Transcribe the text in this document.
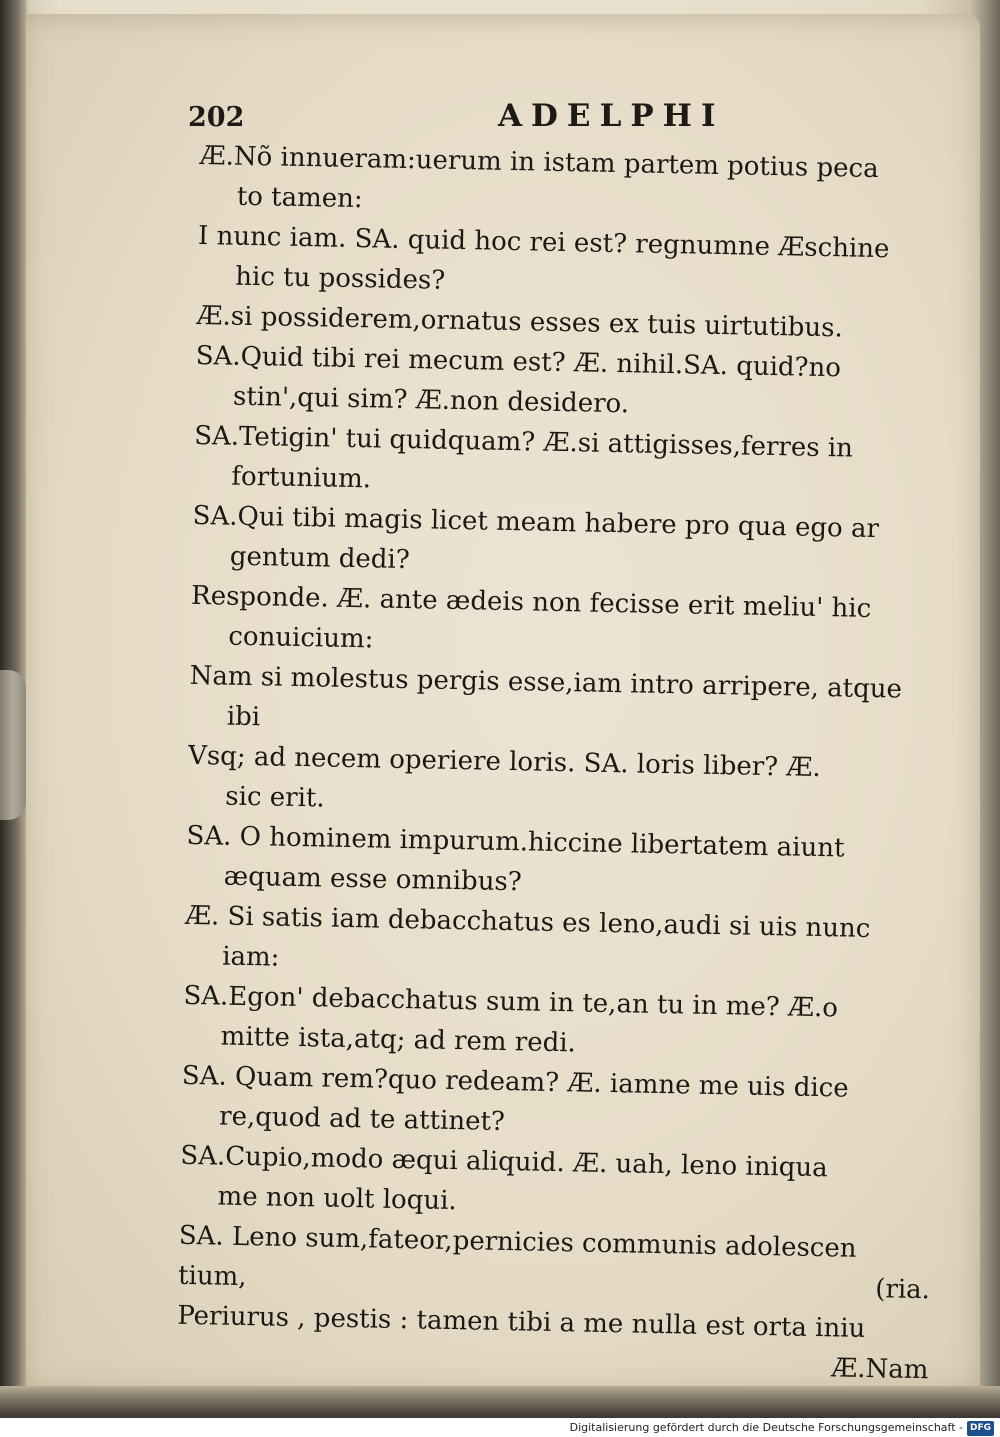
202	ADELPHI
Æ.Nõ innueram:uerum in istam partem potius peca
to tamen:
I nunc iam. SA. quid hoc rei est? regnumne Æschine
hic tu possides?
Æ.si possiderem,ornatus esses ex tuis uirtutibus.
SA.Quid tibi rei mecum est? Æ. nihil.SA. quid?no
stin',qui sim? Æ.non desidero.
SA.Tetigin' tui quidquam? Æ.si attigisses,ferres in
fortunium.
SA.Qui tibi magis licet meam habere pro qua ego ar
gentum dedi?
Responde. Æ. ante ædeis non fecisse erit meliu' hic
conuicium:
Nam si molestus pergis esse,iam intro arripere, atque
ibi
Vsq; ad necem operiere loris. SA. loris liber? Æ.
sic erit.
SA. O hominem impurum.hiccine libertatem aiunt
æquam esse omnibus?
Æ. Si satis iam debacchatus es leno,audi si uis nunc
iam:
SA.Egon' debacchatus sum in te,an tu in me? Æ.o
mitte ista,atq; ad rem redi.
SA. Quam rem?quo redeam? Æ. iamne me uis dice
re,quod ad te attinet?
SA.Cupio,modo æqui aliquid. Æ. uah, leno iniqua
me non uolt loqui.
SA. Leno sum,fateor,pernicies communis adolescen
tium,	(ria.
Periurus , pestis : tamen tibi a me nulla est orta iniu
Æ.Nam
Digitalisierung gefördert durch die Deutsche Forschungsgemeinschaft - DFG
